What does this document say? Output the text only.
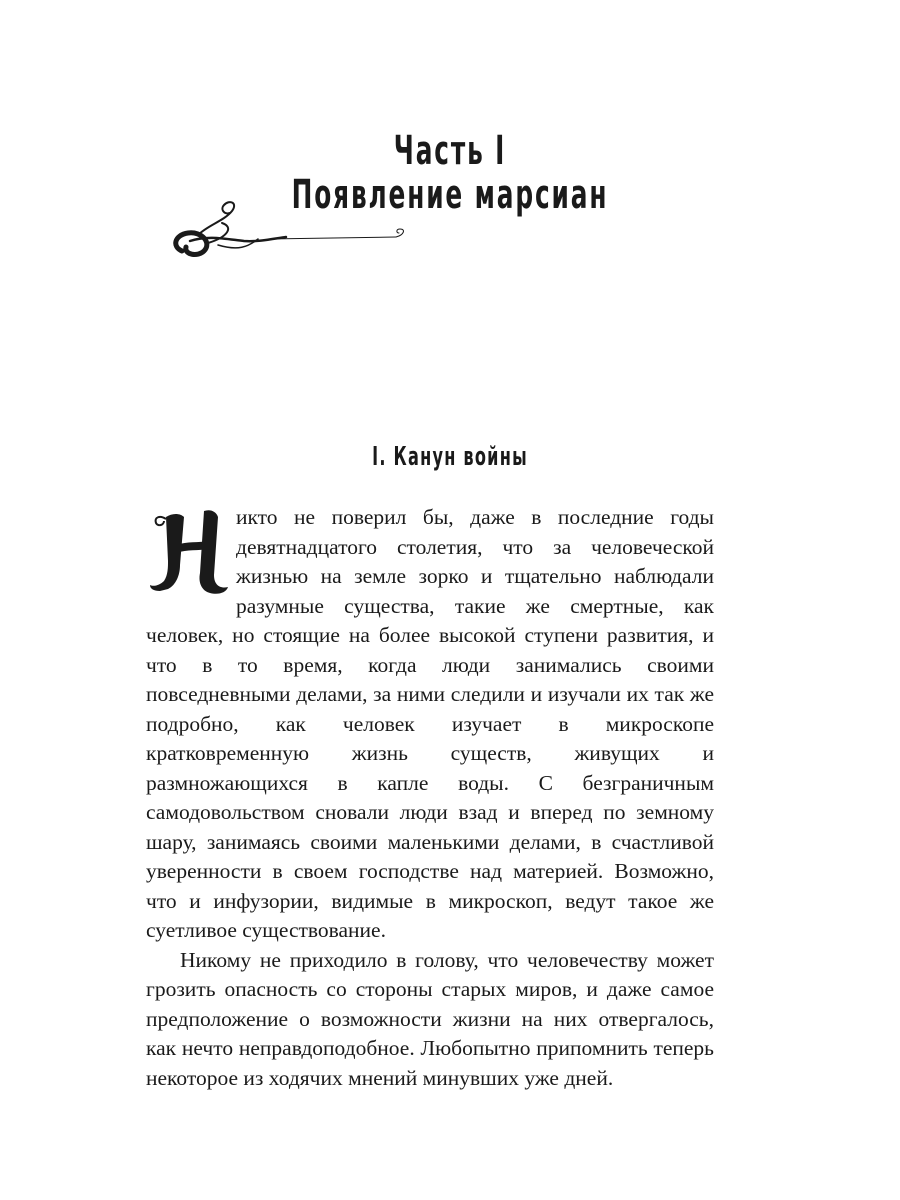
Часть I
Появление марсиан
I. Канун войны

икто не поверил бы, даже в последние годы девятнадцатого столетия, что за человеческой жизнью на земле зорко и тщательно наблюдали разумные существа, такие же смертные, как человек, но стоящие на более высокой ступени развития, и что в то время, когда люди занимались своими повседневными делами, за ними следили и изучали их так же подробно, как человек изучает в микроскопе кратковременную жизнь существ, живущих и размножающихся в капле воды. С безграничным самодовольством сновали люди взад и вперед по земному шару, занимаясь своими маленькими делами, в счастливой уверенности в своем господстве над материей. Возможно, что и инфузории, видимые в микроскоп, ведут такое же суетливое существование.

Никому не приходило в голову, что человечеству может грозить опасность со стороны старых миров, и даже самое предположение о возможности жизни на них отвергалось, как нечто неправдоподобное. Любопытно припомнить теперь некоторое из ходячих мнений минувших уже дней.
